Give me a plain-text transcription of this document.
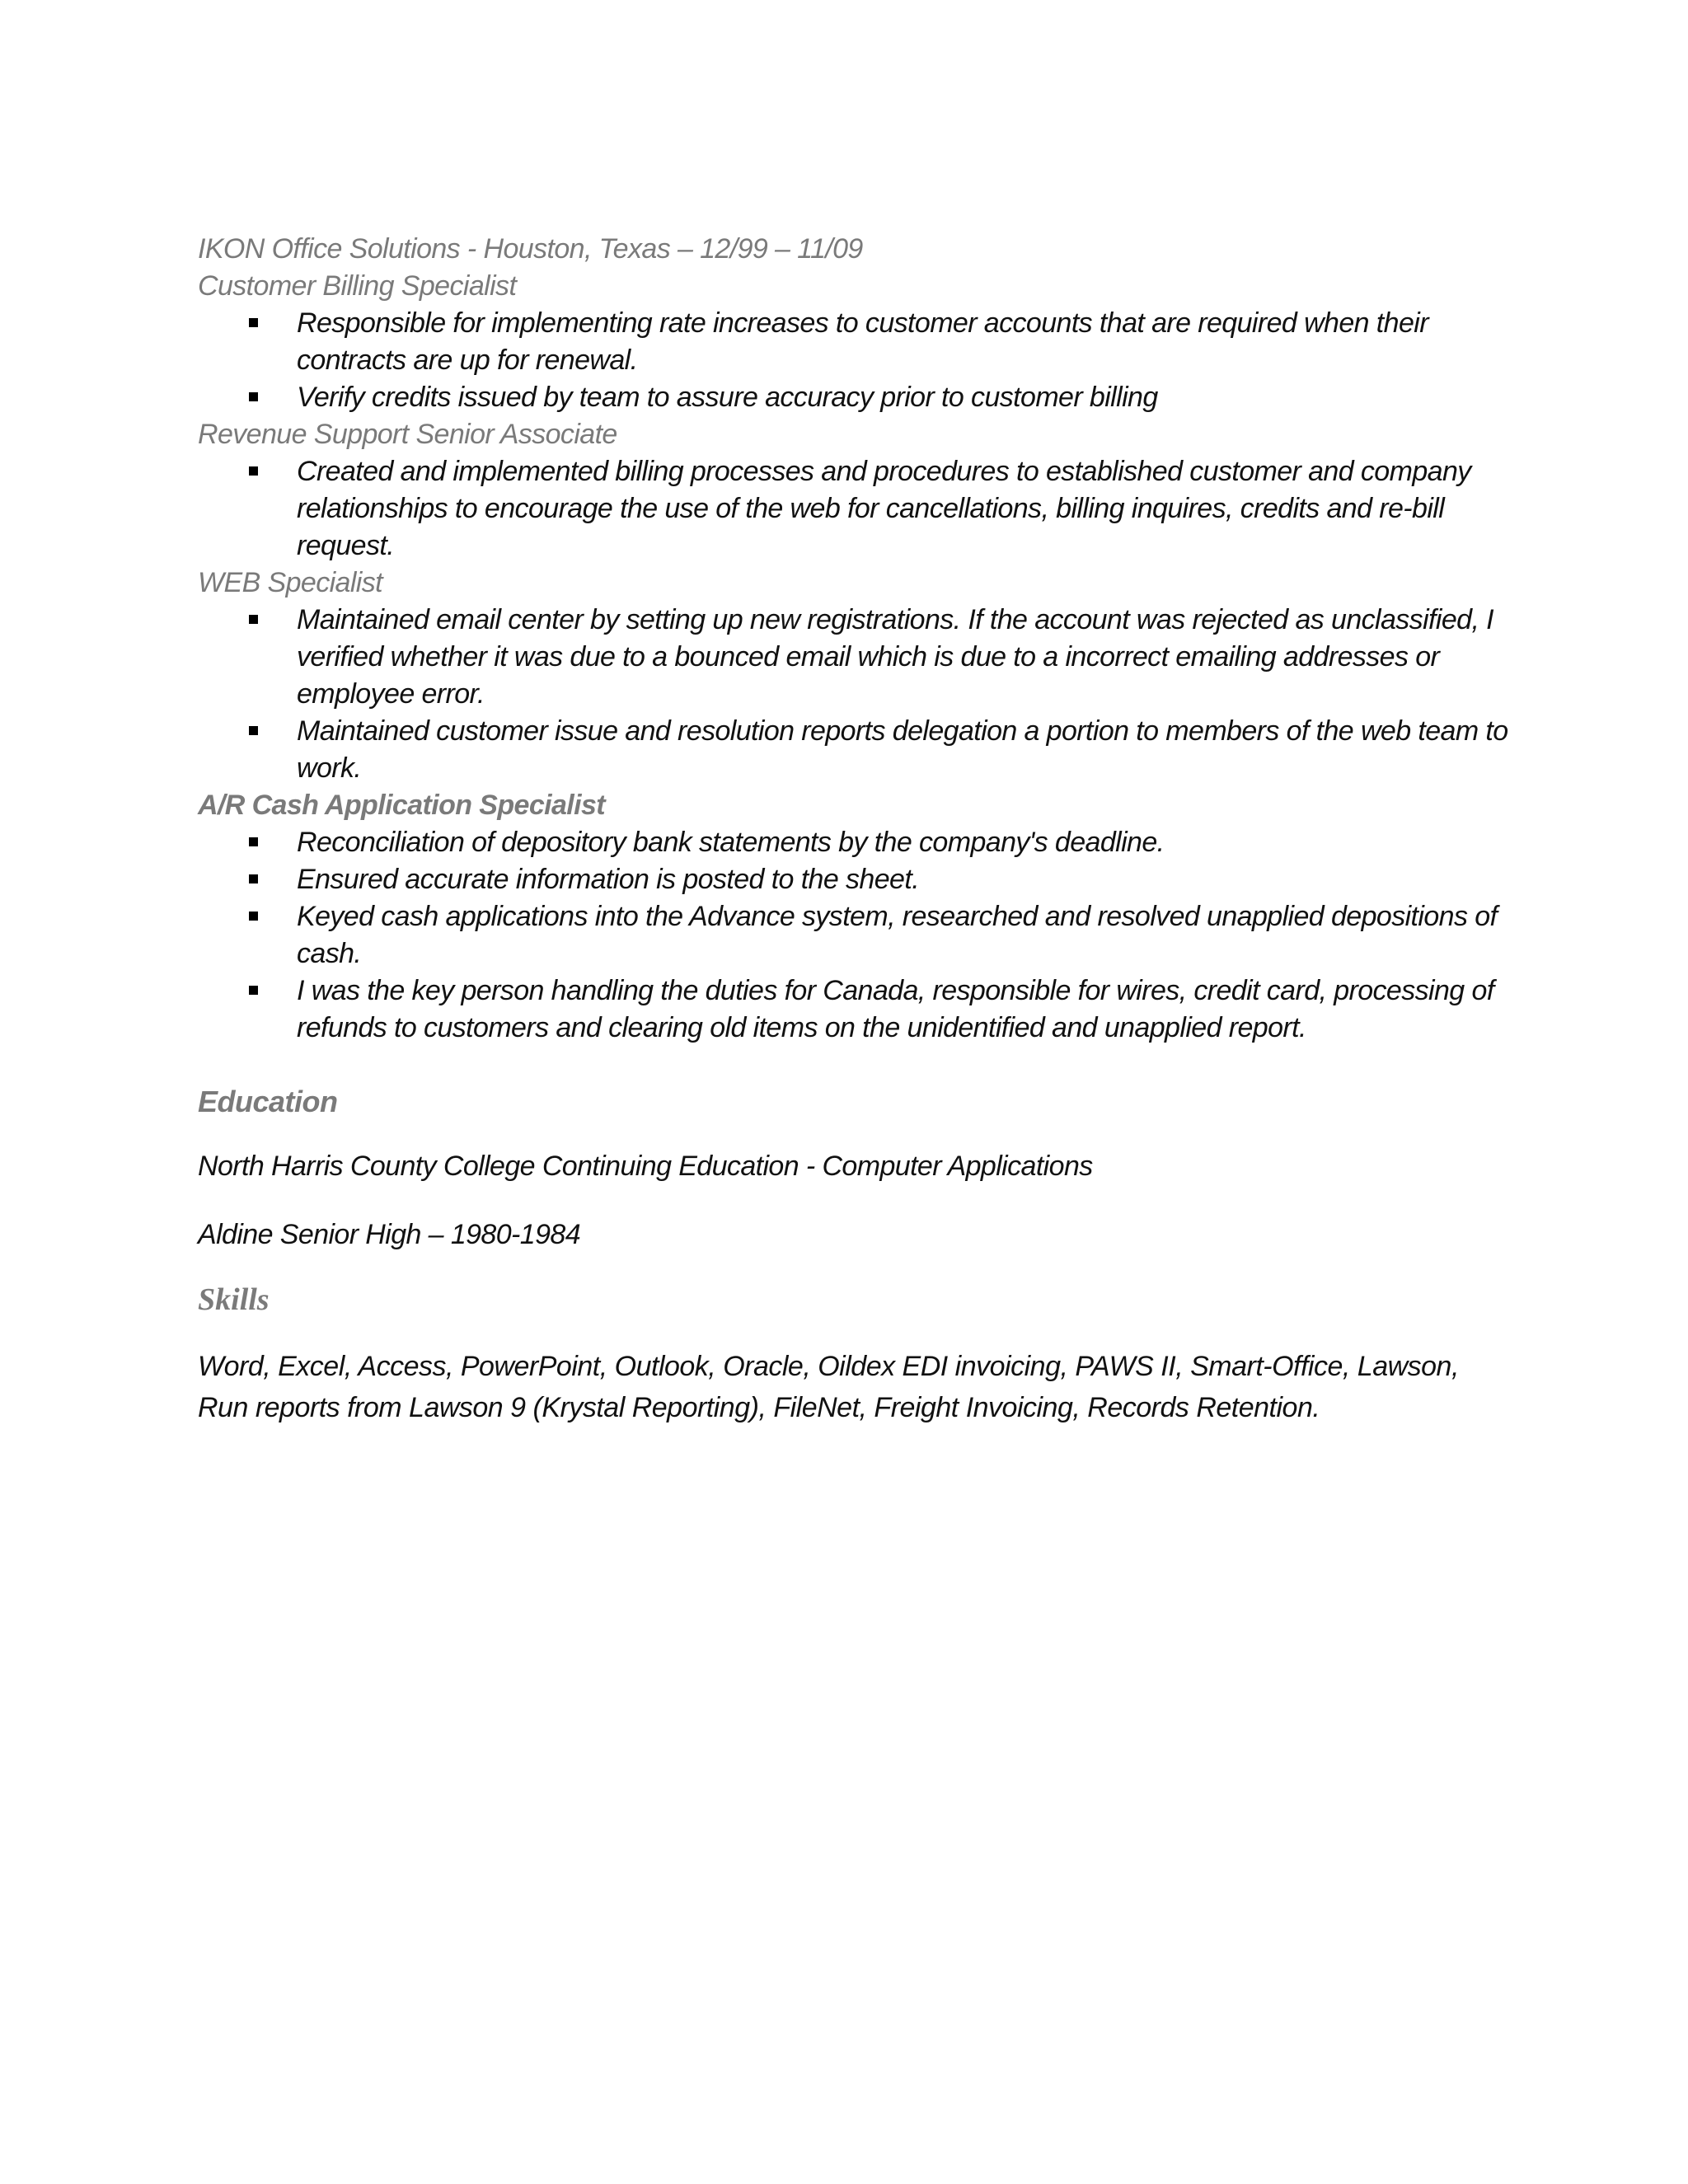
IKON Office Solutions - Houston, Texas – 12/99 – 11/09

Customer Billing Specialist

Responsible for implementing rate increases to customer accounts that are required when their contracts are up for renewal.
Verify credits issued by team to assure accuracy prior to customer billing

Revenue Support Senior Associate

Created and implemented billing processes and procedures to established customer and company relationships to encourage the use of the web for cancellations, billing inquires, credits and re-bill request.

WEB Specialist

Maintained email center by setting up new registrations. If the account was rejected as unclassified, I verified whether it was due to a bounced email which is due to a incorrect emailing addresses or employee error.
Maintained customer issue and resolution reports delegation a portion to members of the web team to work.

A/R Cash Application Specialist

Reconciliation of depository bank statements by the company's deadline.
Ensured accurate information is posted to the sheet.
Keyed cash applications into the Advance system, researched and resolved unapplied depositions of cash.
I was the key person handling the duties for Canada, responsible for wires, credit card, processing of refunds to customers and clearing old items on the unidentified and unapplied report.
Education

North Harris County College Continuing Education - Computer Applications

Aldine Senior High – 1980-1984

Skills

Word, Excel, Access, PowerPoint, Outlook, Oracle, Oildex EDI invoicing, PAWS II, Smart-Office, Lawson, Run reports from Lawson 9 (Krystal Reporting), FileNet, Freight Invoicing, Records Retention.
